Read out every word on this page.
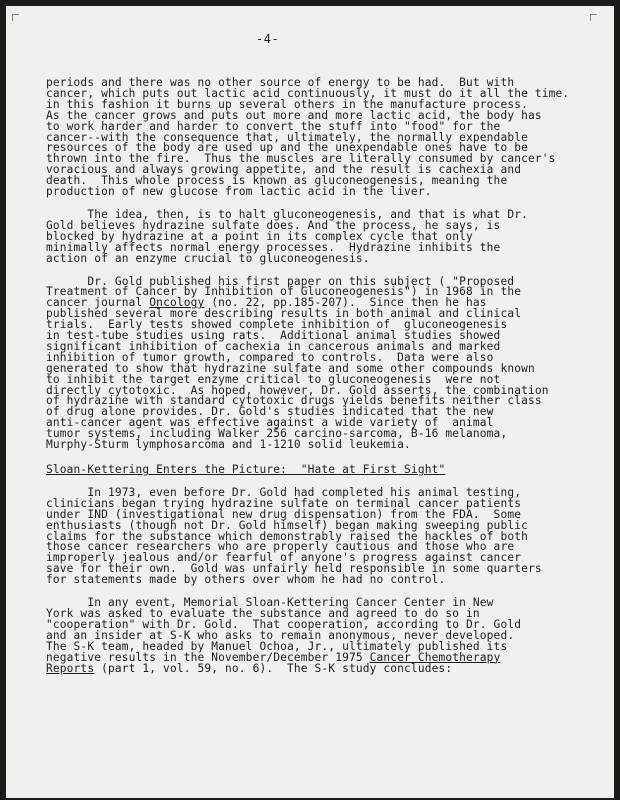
-4-
periods and there was no other source of energy to be had.  But with
cancer, which puts out lactic acid continuously, it must do it all the time.
in this fashion it burns up several others in the manufacture process.
As the cancer grows and puts out more and more lactic acid, the body has
to work harder and harder to convert the stuff into "food" for the
cancer--with the consequence that, ultimately, the normally expendable
resources of the body are used up and the unexpendable ones have to be
thrown into the fire.  Thus the muscles are literally consumed by cancer's
voracious and always growing appetite, and the result is cachexia and
death.  This whole process is known as gluconeogenesis, meaning the
production of new glucose from lactic acid in the liver.
The idea, then, is to halt gluconeogenesis, and that is what Dr.
Gold believes hydrazine sulfate does. And the process, he says, is
blocked by hydrazine at a point in its complex cycle that only
minimally affects normal energy processes.  Hydrazine inhibits the
action of an enzyme crucial to gluconeogenesis.
Dr. Gold published his first paper on this subject ( "Proposed
Treatment of Cancer by Inhibition of Gluconeogenesis") in 1968 in the
cancer journal Oncology (no. 22, pp.185-207).  Since then he has
published several more describing results in both animal and clinical
trials.  Early tests showed complete inhibition of  gluconeogenesis
in test-tube studies using rats.  Additional animal studies showed
significant inhibition of cachexia in cancerous animals and marked
inhibition of tumor growth, compared to controls.  Data were also
generated to show that hydrazine sulfate and some other compounds known
to inhibit the target enzyme critical to gluconeogenesis  were not
directly cytotoxic.  As hoped, however, Dr. Gold asserts, the combination
of hydrazine with standard cytotoxic drugs yields benefits neither class
of drug alone provides. Dr. Gold's studies indicated that the new
anti-cancer agent was effective against a wide variety of  animal
tumor systems, including Walker 256 carcino-sarcoma, B-16 melanoma,
Murphy-Sturm lymphosarcoma and 1-1210 solid leukemia.
Sloan-Kettering Enters the Picture:  "Hate at First Sight"
In 1973, even before Dr. Gold had completed his animal testing,
clinicians began trying hydrazine sulfate on terminal cancer patients
under IND (investigational new drug dispensation) from the FDA.  Some
enthusiasts (though not Dr. Gold himself) began making sweeping public
claims for the substance which demonstrably raised the hackles of both
those cancer researchers who are properly cautious and those who are
improperly jealous and/or fearful of anyone's progress against cancer
save for their own.  Gold was unfairly held responsible in some quarters
for statements made by others over whom he had no control.
In any event, Memorial Sloan-Kettering Cancer Center in New
York was asked to evaluate the substance and agreed to do so in
"cooperation" with Dr. Gold.  That cooperation, according to Dr. Gold
and an insider at S-K who asks to remain anonymous, never developed.
The S-K team, headed by Manuel Ochoa, Jr., ultimately published its
negative results in the November/December 1975 Cancer Chemotherapy
Reports (part 1, vol. 59, no. 6).  The S-K study concludes:
